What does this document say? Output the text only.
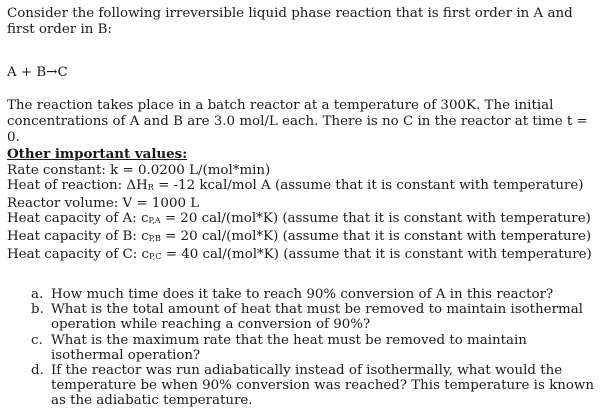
Consider the following irreversible liquid phase reaction that is first order in A and first order in B:

A + B→C

The reaction takes place in a batch reactor at a temperature of 300K. The initial concentrations of A and B are 3.0 mol/L each. There is no C in the reactor at time t = 0.

Other important values:
Rate constant: k = 0.0200 L/(mol*min)
Heat of reaction: ΔHR = -12 kcal/mol A (assume that it is constant with temperature)
Reactor volume: V = 1000 L
Heat capacity of A: cP,A = 20 cal/(mol*K) (assume that it is constant with temperature)
Heat capacity of B: cP,B = 20 cal/(mol*K) (assume that it is constant with temperature)
Heat capacity of C: cP,C = 40 cal/(mol*K) (assume that it is constant with temperature)
a. How much time does it take to reach 90% conversion of A in this reactor?
b. What is the total amount of heat that must be removed to maintain isothermal operation while reaching a conversion of 90%?
c. What is the maximum rate that the heat must be removed to maintain isothermal operation?
d. If the reactor was run adiabatically instead of isothermally, what would the temperature be when 90% conversion was reached? This temperature is known as the adiabatic temperature.
